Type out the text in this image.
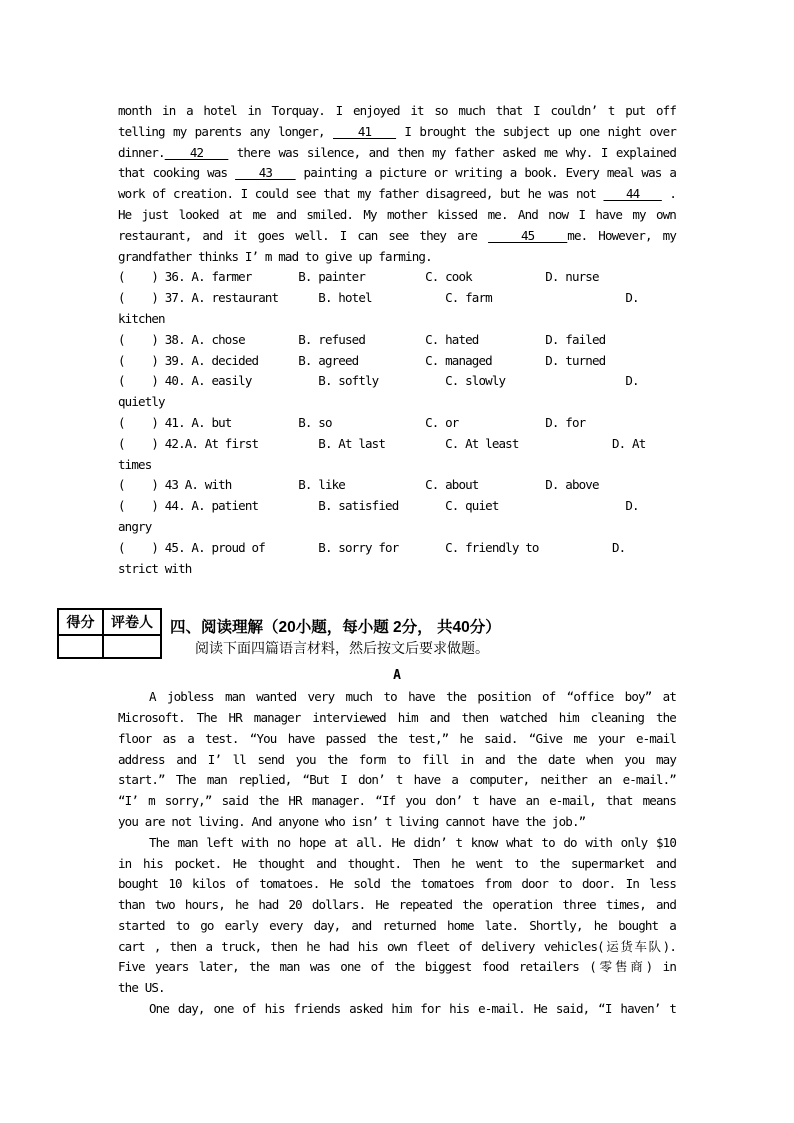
month in a hotel in Torquay. I enjoyed it so much that I couldn’ t put off
telling my parents any longer,    41    I brought the subject up one night over
dinner.   42    there was silence, and then my father asked me why. I explained
that cooking was    43    painting a picture or writing a book. Every meal was a
work of creation. I could see that my father disagreed, but he was not    44    .
He just looked at me and smiled. My mother kissed me. And now I have my own
restaurant, and it goes well. I can see they are    45   me. However, my
grandfather thinks I’ m mad to give up farming.
(    ) 36. A. farmer       B. painter         C. cook           D. nurse
(    ) 37. A. restaurant      B. hotel           C. farm                    D.
kitchen
(    ) 38. A. chose        B. refused         C. hated          D. failed
(    ) 39. A. decided      B. agreed          C. managed        D. turned
(    ) 40. A. easily          B. softly          C. slowly                  D.
quietly
(    ) 41. A. but          B. so              C. or             D. for
(    ) 42.A. At first         B. At last         C. At least              D. At
times
(    ) 43 A. with          B. like            C. about          D. above
(    ) 44. A. patient         B. satisfied       C. quiet                   D.
angry
(    ) 45. A. proud of        B. sorry for       C. friendly to           D.
strict with
得分	评卷人
		四、阅读理解（20小题，每小题 2分， 共40分）
阅读下面四篇语言材料，然后按文后要求做题。
A
A jobless man wanted very much to have the position of “office boy” at
Microsoft. The HR manager interviewed him and then watched him cleaning the
floor as a test. “You have passed the test,” he said. “Give me your e-mail
address and I’ ll send you the form to fill in and the date when you may
start.” The man replied, “But I don’ t have a computer, neither an e-mail.”
“I’ m sorry,” said the HR manager. “If you don’ t have an e-mail, that means
you are not living. And anyone who isn’ t living cannot have the job.”
The man left with no hope at all. He didn’ t know what to do with only $10
in his pocket. He thought and thought. Then he went to the supermarket and
bought 10 kilos of tomatoes. He sold the tomatoes from door to door. In less
than two hours, he had 20 dollars. He repeated the operation three times, and
started to go early every day, and returned home late. Shortly, he bought a
cart , then a truck, then he had his own fleet of delivery vehicles(运货车队).
Five years later, the man was one of the biggest food retailers (零售商) in
the US.
One day, one of his friends asked him for his e-mail. He said, “I haven’ t
